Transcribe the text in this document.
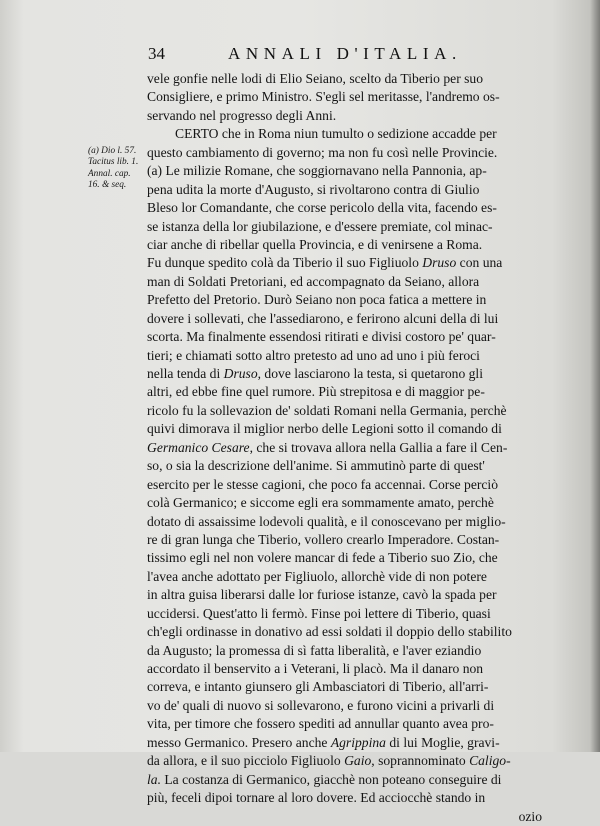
34	ANNALI D'ITALIA.
(a) Dio l. 57.
Tacitus lib. 1.
Annal. cap.
16. & seq.
vele gonfie nelle lodi di Elio Seiano, scelto da Tiberio per suo
Consigliere, e primo Ministro. S'egli sel meritasse, l'andremo os-
servando nel progresso degli Anni.
CERTO che in Roma niun tumulto o sedizione accadde per
questo cambiamento di governo; ma non fu così nelle Provincie.
(a) Le milizie Romane, che soggiornavano nella Pannonia, ap-
pena udita la morte d'Augusto, si rivoltarono contra di Giulio
Bleso lor Comandante, che corse pericolo della vita, facendo es-
se istanza della lor giubilazione, e d'essere premiate, col minac-
ciar anche di ribellar quella Provincia, e di venirsene a Roma.
Fu dunque spedito colà da Tiberio il suo Figliuolo Druso con una
man di Soldati Pretoriani, ed accompagnato da Seiano, allora
Prefetto del Pretorio. Durò Seiano non poca fatica a mettere in
dovere i sollevati, che l'assediarono, e ferirono alcuni della di lui
scorta. Ma finalmente essendosi ritirati e divisi costoro pe' quar-
tieri; e chiamati sotto altro pretesto ad uno ad uno i più feroci
nella tenda di Druso, dove lasciarono la testa, si quetarono gli
altri, ed ebbe fine quel rumore. Più strepitosa e di maggior pe-
ricolo fu la sollevazion de' soldati Romani nella Germania, perchè
quivi dimorava il miglior nerbo delle Legioni sotto il comando di
Germanico Cesare, che si trovava allora nella Gallia a fare il Cen-
so, o sia la descrizione dell'anime. Si ammutinò parte di quest'
esercito per le stesse cagioni, che poco fa accennai. Corse perciò
colà Germanico; e siccome egli era sommamente amato, perchè
dotato di assaissime lodevoli qualità, e il conoscevano per miglio-
re di gran lunga che Tiberio, vollero crearlo Imperadore. Costan-
tissimo egli nel non volere mancar di fede a Tiberio suo Zio, che
l'avea anche adottato per Figliuolo, allorchè vide di non potere
in altra guisa liberarsi dalle lor furiose istanze, cavò la spada per
uccidersi. Quest'atto li fermò. Finse poi lettere di Tiberio, quasi
ch'egli ordinasse in donativo ad essi soldati il doppio dello stabilito
da Augusto; la promessa di sì fatta liberalità, e l'aver eziandio
accordato il benservito a i Veterani, li placò. Ma il danaro non
correva, e intanto giunsero gli Ambasciatori di Tiberio, all'arri-
vo de' quali di nuovo si sollevarono, e furono vicini a privarli di
vita, per timore che fossero spediti ad annullar quanto avea pro-
messo Germanico. Presero anche Agrippina di lui Moglie, gravi-
da allora, e il suo picciolo Figliuolo Gaio, soprannominato Caligo-
la. La costanza di Germanico, giacchè non poteano conseguire di
più, feceli dipoi tornare al loro dovere. Ed acciocchè stando in
ozio
